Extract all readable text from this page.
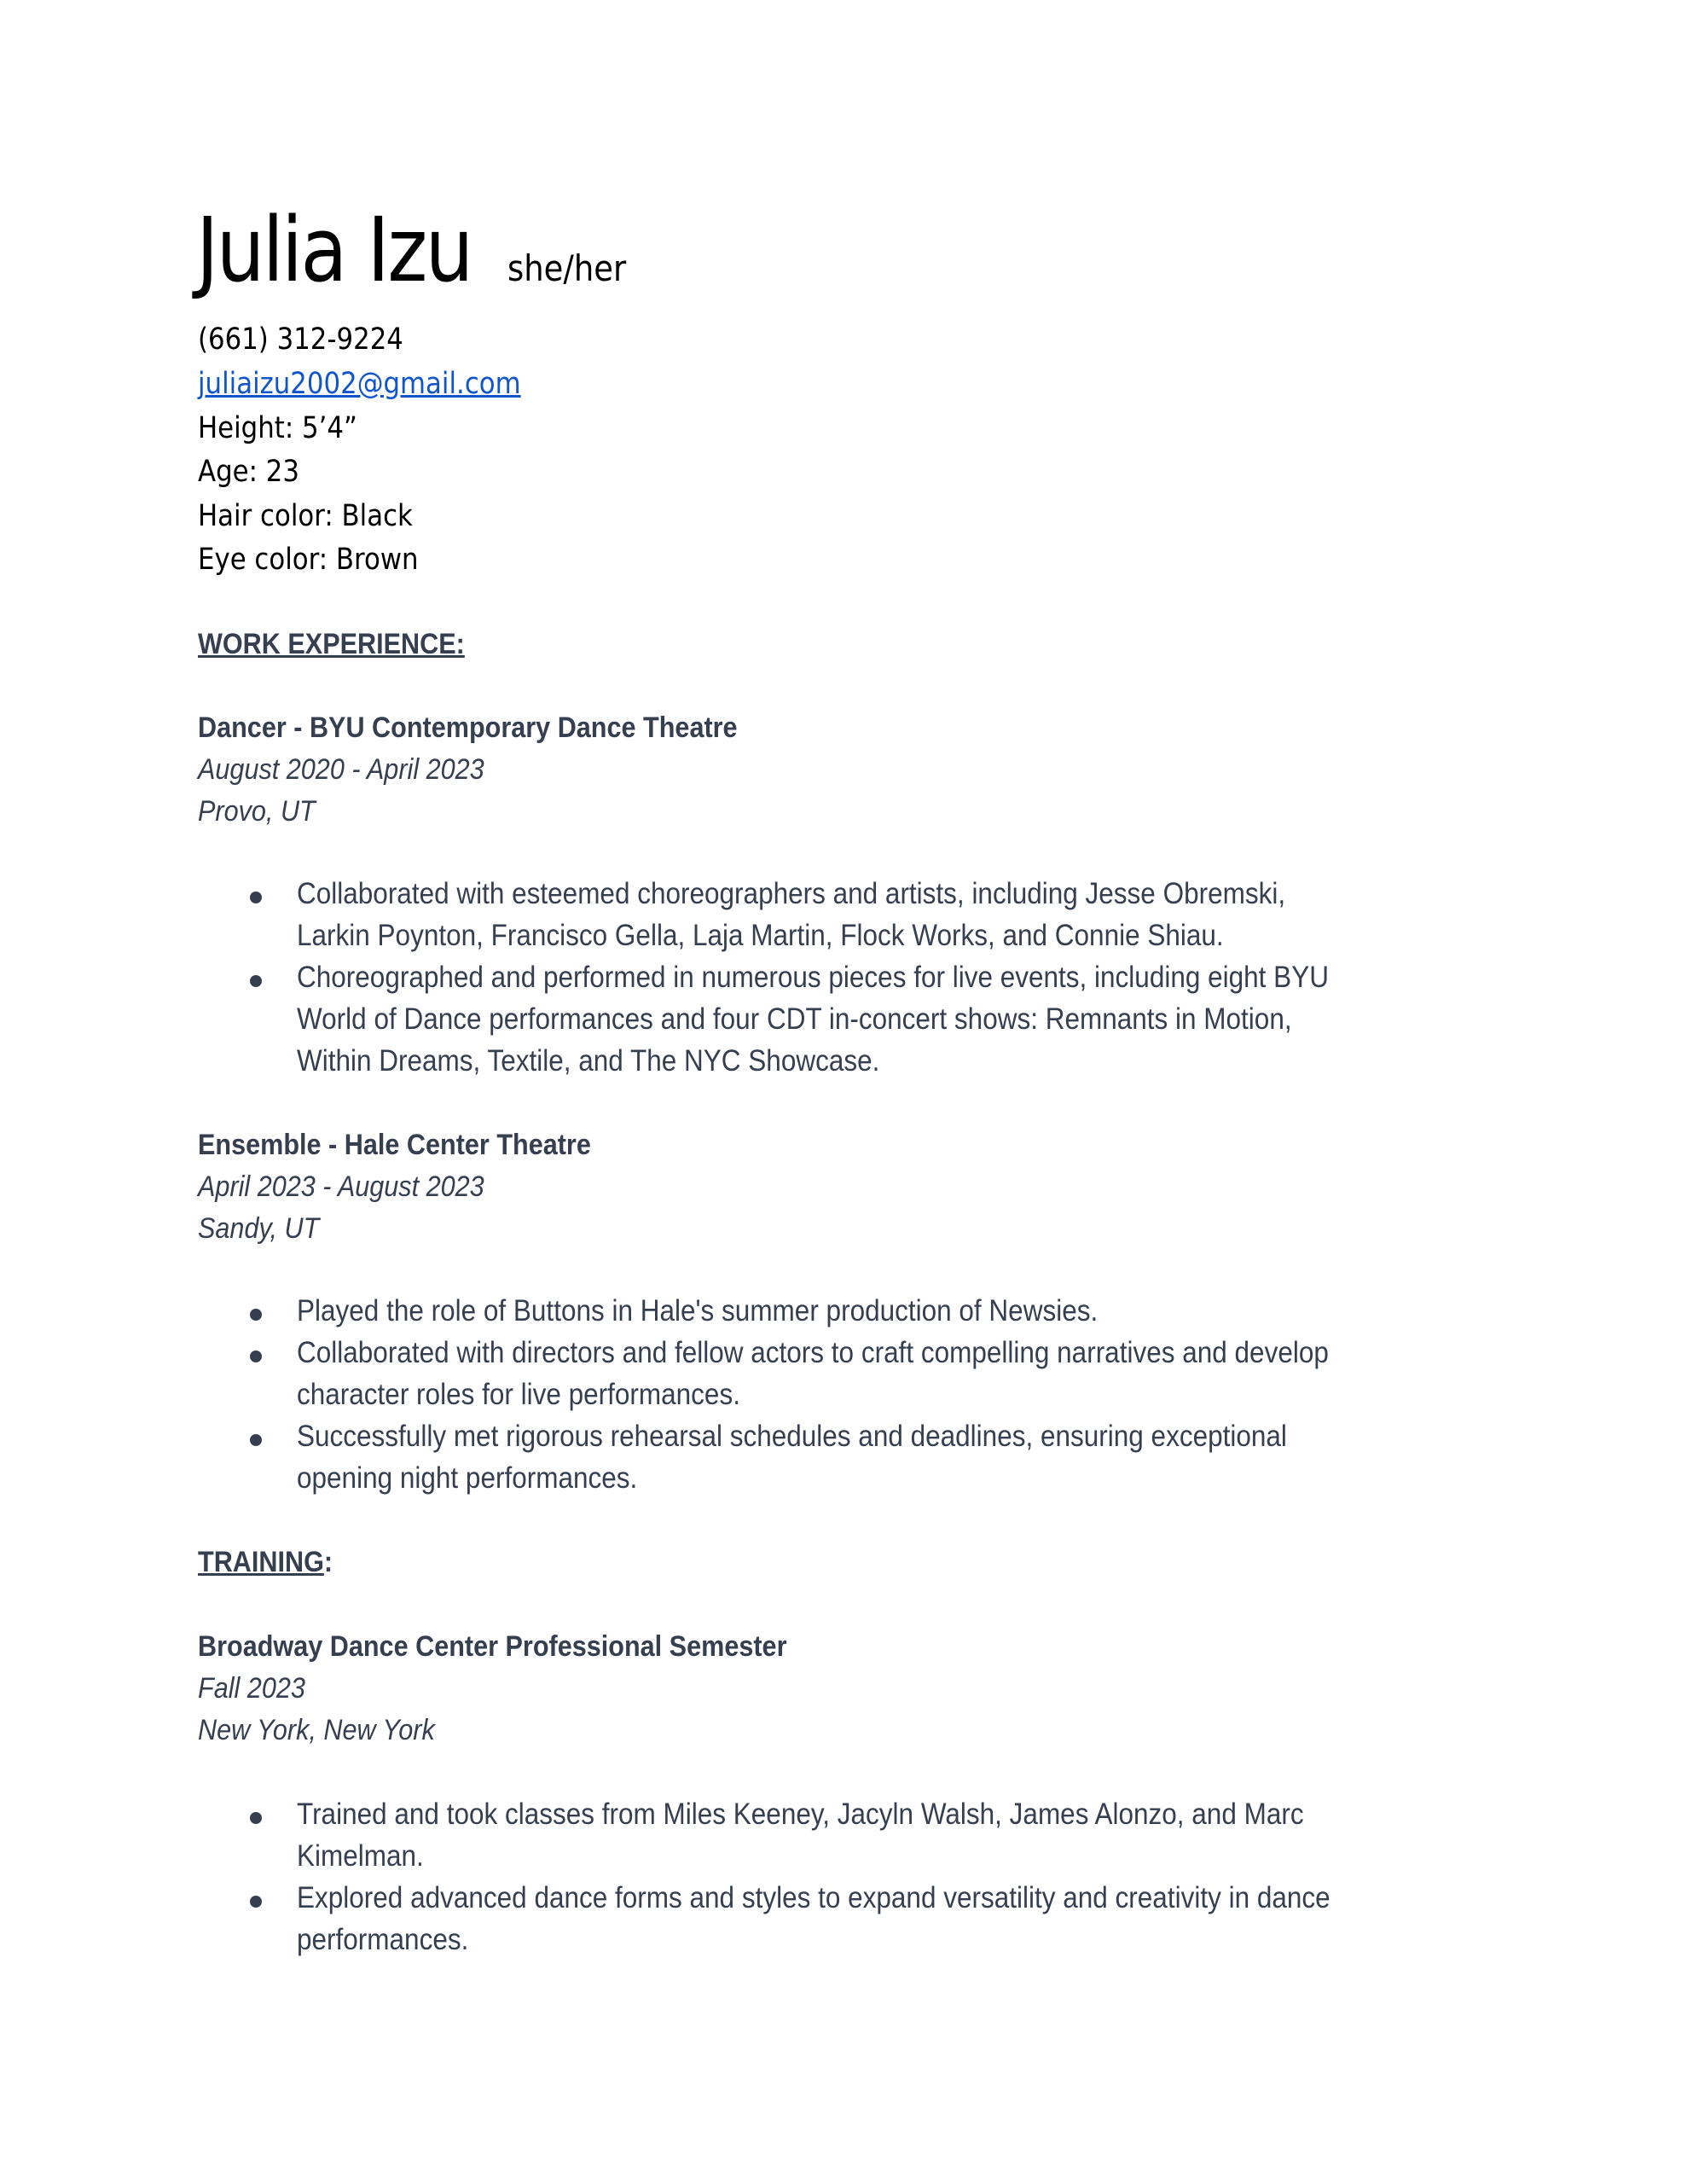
Julia Izu	she/her
(661) 312-9224
juliaizu2002@gmail.com
Height: 5’4”
Age: 23
Hair color: Black
Eye color: Brown
WORK EXPERIENCE:
Dancer - BYU Contemporary Dance Theatre
August 2020 - April 2023
Provo, UT
Collaborated with esteemed choreographers and artists, including Jesse Obremski,
Larkin Poynton, Francisco Gella, Laja Martin, Flock Works, and Connie Shiau.
Choreographed and performed in numerous pieces for live events, including eight BYU
World of Dance performances and four CDT in-concert shows: Remnants in Motion,
Within Dreams, Textile, and The NYC Showcase.
Ensemble - Hale Center Theatre
April 2023 - August 2023
Sandy, UT
Played the role of Buttons in Hale's summer production of Newsies.
Collaborated with directors and fellow actors to craft compelling narratives and develop
character roles for live performances.
Successfully met rigorous rehearsal schedules and deadlines, ensuring exceptional
opening night performances.
TRAINING:
Broadway Dance Center Professional Semester
Fall 2023
New York, New York
Trained and took classes from Miles Keeney, Jacyln Walsh, James Alonzo, and Marc
Kimelman.
Explored advanced dance forms and styles to expand versatility and creativity in dance
performances.
